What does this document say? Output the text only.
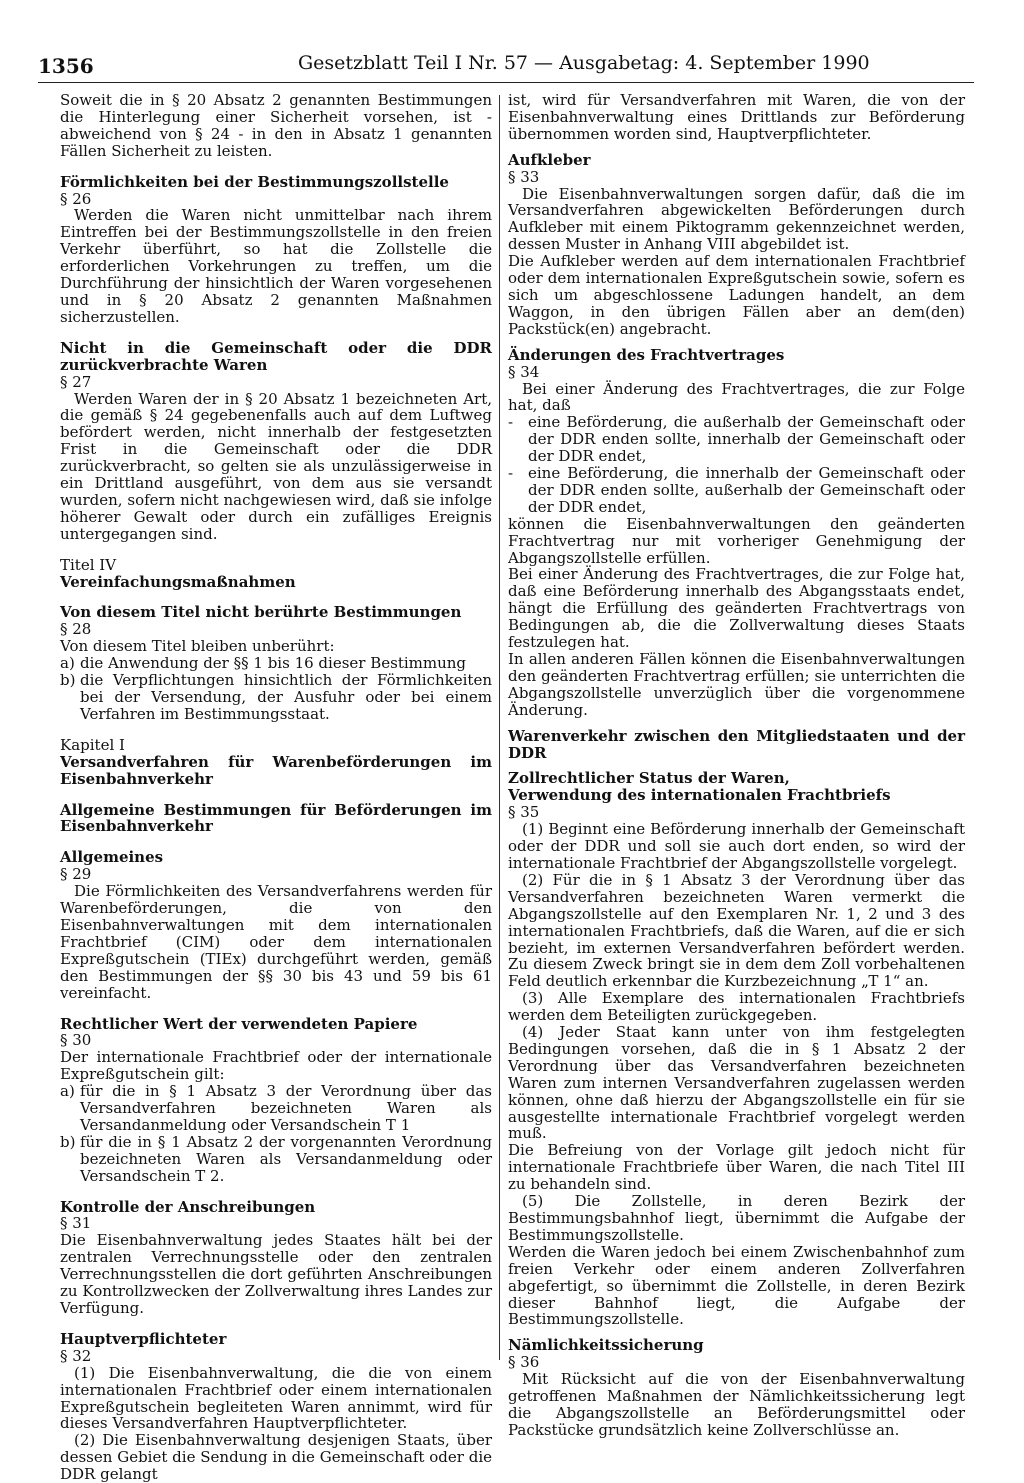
1356	Gesetzblatt Teil I Nr. 57 — Ausgabetag: 4. September 1990

Soweit die in § 20 Absatz 2 genannten Bestimmungen die Hinterlegung einer Sicherheit vorsehen, ist - abweichend von § 24 - in den in Absatz 1 genannten Fällen Sicherheit zu leisten.

Förmlichkeiten bei der Bestimmungszollstelle

§ 26

Werden die Waren nicht unmittelbar nach ihrem Eintreffen bei der Bestimmungszollstelle in den freien Verkehr überführt, so hat die Zollstelle die erforderlichen Vorkehrungen zu treffen, um die Durchführung der hinsichtlich der Waren vorgesehenen und in § 20 Absatz 2 genannten Maßnahmen sicherzustellen.

Nicht in die Gemeinschaft oder die DDR zurückverbrachte Waren

§ 27

Werden Waren der in § 20 Absatz 1 bezeichneten Art, die gemäß § 24 gegebenenfalls auch auf dem Luftweg befördert werden, nicht innerhalb der festgesetzten Frist in die Gemeinschaft oder die DDR zurückverbracht, so gelten sie als unzulässigerweise in ein Drittland ausgeführt, von dem aus sie versandt wurden, sofern nicht nachgewiesen wird, daß sie infolge höherer Gewalt oder durch ein zufälliges Ereignis untergegangen sind.

Titel IV

Vereinfachungsmaßnahmen

Von diesem Titel nicht berührte Bestimmungen

§ 28

Von diesem Titel bleiben unberührt:

a) die Anwendung der §§ 1 bis 16 dieser Bestimmung
b) die Verpflichtungen hinsichtlich der Förmlichkeiten bei der Versendung, der Ausfuhr oder bei einem Verfahren im Bestimmungsstaat.

Kapitel I

Versandverfahren für Warenbeförderungen im Eisenbahnverkehr

Allgemeine Bestimmungen für Beförderungen im Eisenbahnverkehr

Allgemeines

§ 29

Die Förmlichkeiten des Versandverfahrens werden für Warenbeförderungen, die von den Eisenbahnverwaltungen mit dem internationalen Frachtbrief (CIM) oder dem internationalen Expreßgutschein (TIEx) durchgeführt werden, gemäß den Bestimmungen der §§ 30 bis 43 und 59 bis 61 vereinfacht.

Rechtlicher Wert der verwendeten Papiere

§ 30

Der internationale Frachtbrief oder der internationale Expreßgutschein gilt:

a) für die in § 1 Absatz 3 der Verordnung über das Versandverfahren bezeichneten Waren als Versandanmeldung oder Versandschein T 1
b) für die in § 1 Absatz 2 der vorgenannten Verordnung bezeichneten Waren als Versandanmeldung oder Versandschein T 2.

Kontrolle der Anschreibungen

§ 31

Die Eisenbahnverwaltung jedes Staates hält bei der zentralen Verrechnungsstelle oder den zentralen Verrechnungsstellen die dort geführten Anschreibungen zu Kontrollzwecken der Zollverwaltung ihres Landes zur Verfügung.

Hauptverpflichteter

§ 32

(1) Die Eisenbahnverwaltung, die die von einem internationalen Frachtbrief oder einem internationalen Expreßgutschein begleiteten Waren annimmt, wird für dieses Versandverfahren Hauptverpflichteter.

(2) Die Eisenbahnverwaltung desjenigen Staats, über dessen Gebiet die Sendung in die Gemeinschaft oder die DDR gelangt

ist, wird für Versandverfahren mit Waren, die von der Eisenbahnverwaltung eines Drittlands zur Beförderung übernommen worden sind, Hauptverpflichteter.

Aufkleber

§ 33

Die Eisenbahnverwaltungen sorgen dafür, daß die im Versandverfahren abgewickelten Beförderungen durch Aufkleber mit einem Piktogramm gekennzeichnet werden, dessen Muster in Anhang VIII abgebildet ist.

Die Aufkleber werden auf dem internationalen Frachtbrief oder dem internationalen Expreßgutschein sowie, sofern es sich um abgeschlossene Ladungen handelt, an dem Waggon, in den übrigen Fällen aber an dem(den) Packstück(en) angebracht.

Änderungen des Frachtvertrages

§ 34

Bei einer Änderung des Frachtvertrages, die zur Folge hat, daß

- eine Beförderung, die außerhalb der Gemeinschaft oder der DDR enden sollte, innerhalb der Gemeinschaft oder der DDR endet,
- eine Beförderung, die innerhalb der Gemeinschaft oder der DDR enden sollte, außerhalb der Gemeinschaft oder der DDR endet,

können die Eisenbahnverwaltungen den geänderten Frachtvertrag nur mit vorheriger Genehmigung der Abgangszollstelle erfüllen.

Bei einer Änderung des Frachtvertrages, die zur Folge hat, daß eine Beförderung innerhalb des Abgangsstaats endet, hängt die Erfüllung des geänderten Frachtvertrags von Bedingungen ab, die die Zollverwaltung dieses Staats festzulegen hat.

In allen anderen Fällen können die Eisenbahnverwaltungen den geänderten Frachtvertrag erfüllen; sie unterrichten die Abgangszollstelle unverzüglich über die vorgenommene Änderung.

Warenverkehr zwischen den Mitgliedstaaten und der DDR

Zollrechtlicher Status der Waren,

Verwendung des internationalen Frachtbriefs

§ 35

(1) Beginnt eine Beförderung innerhalb der Gemeinschaft oder der DDR und soll sie auch dort enden, so wird der internationale Frachtbrief der Abgangszollstelle vorgelegt.

(2) Für die in § 1 Absatz 3 der Verordnung über das Versandverfahren bezeichneten Waren vermerkt die Abgangszollstelle auf den Exemplaren Nr. 1, 2 und 3 des internationalen Frachtbriefs, daß die Waren, auf die er sich bezieht, im externen Versandverfahren befördert werden. Zu diesem Zweck bringt sie in dem dem Zoll vorbehaltenen Feld deutlich erkennbar die Kurzbezeichnung „T 1“ an.

(3) Alle Exemplare des internationalen Frachtbriefs werden dem Beteiligten zurückgegeben.

(4) Jeder Staat kann unter von ihm festgelegten Bedingungen vorsehen, daß die in § 1 Absatz 2 der Verordnung über das Versandverfahren bezeichneten Waren zum internen Versandverfahren zugelassen werden können, ohne daß hierzu der Abgangszollstelle ein für sie ausgestellte internationale Frachtbrief vorgelegt werden muß.

Die Befreiung von der Vorlage gilt jedoch nicht für internationale Frachtbriefe über Waren, die nach Titel III zu behandeln sind.

(5) Die Zollstelle, in deren Bezirk der Bestimmungsbahnhof liegt, übernimmt die Aufgabe der Bestimmungszollstelle.

Werden die Waren jedoch bei einem Zwischenbahnhof zum freien Verkehr oder einem anderen Zollverfahren abgefertigt, so übernimmt die Zollstelle, in deren Bezirk dieser Bahnhof liegt, die Aufgabe der Bestimmungszollstelle.

Nämlichkeitssicherung

§ 36

Mit Rücksicht auf die von der Eisenbahnverwaltung getroffenen Maßnahmen der Nämlichkeitssicherung legt die Abgangszollstelle an Beförderungsmittel oder Packstücke grundsätzlich keine Zollverschlüsse an.
